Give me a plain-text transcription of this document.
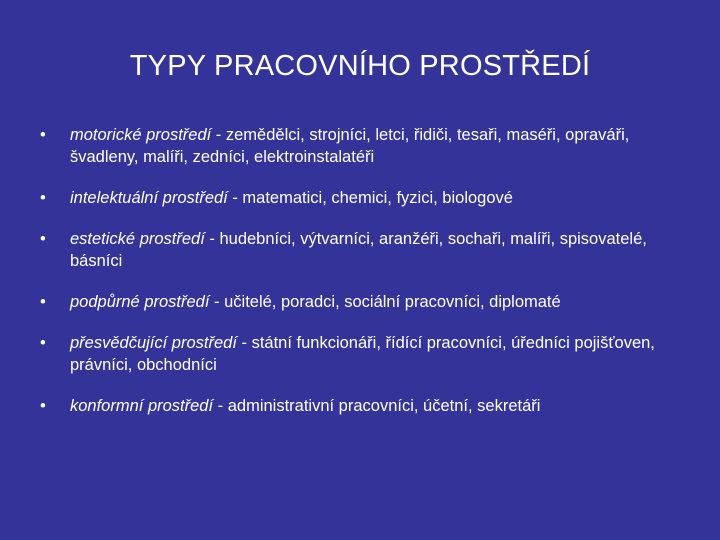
TYPY PRACOVNÍHO PROSTŘEDÍ
• motorické prostředí - zemědělci, strojníci, letci, řidiči, tesaři, maséři, opraváři, švadleny, malíři, zedníci, elektroinstalatéři
• intelektuální prostředí - matematici, chemici, fyzici, biologové
• estetické prostředí - hudebníci, výtvarníci, aranžéři, sochaři, malíři, spisovatelé, básníci
• podpůrné prostředí - učitelé, poradci, sociální pracovníci, diplomaté
• přesvědčující prostředí - státní funkcionáři, řídící pracovníci, úředníci pojišťoven, právníci, obchodníci
• konformní prostředí - administrativní pracovníci, účetní, sekretáři
